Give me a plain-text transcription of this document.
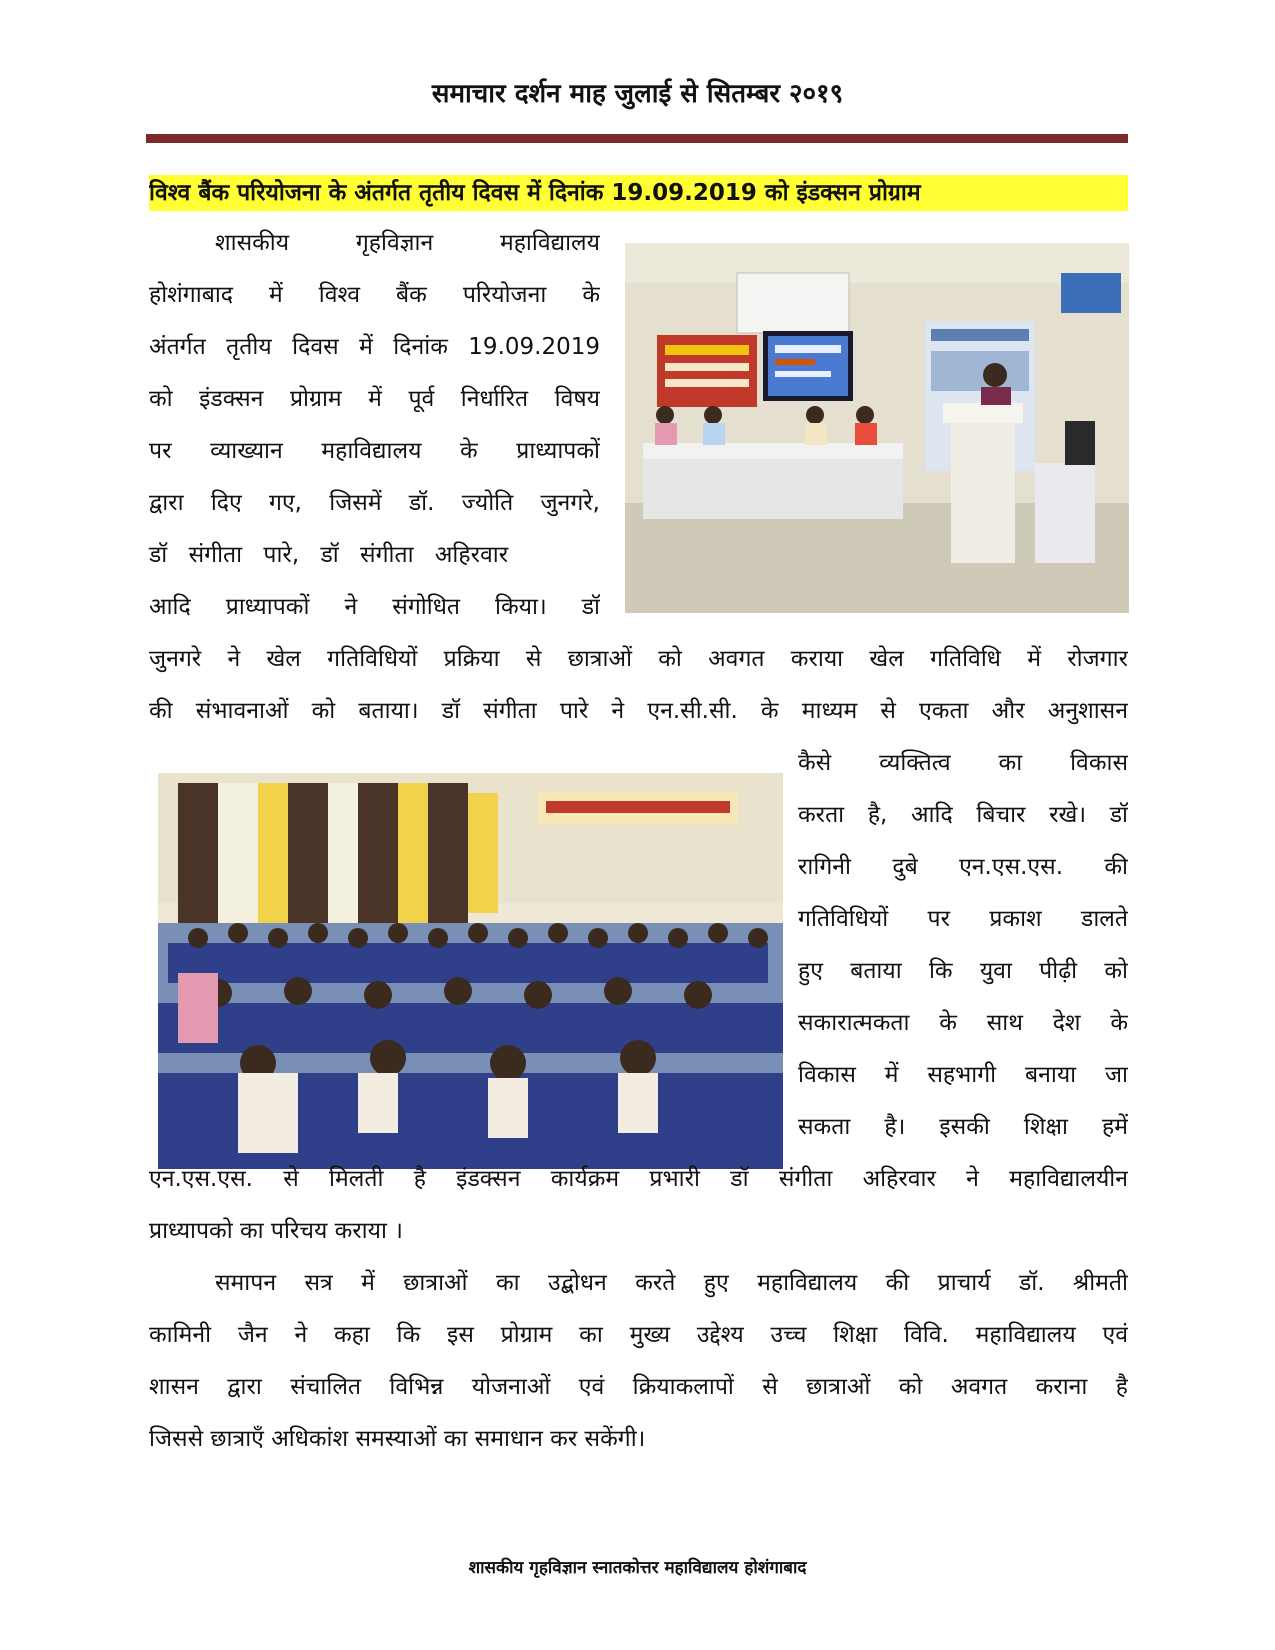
समाचार दर्शन माह जुलाई से सितम्बर २०१९
विश्व बैंक परियोजना के अंतर्गत तृतीय दिवस में दिनांक 19.09.2019 को इंडक्सन प्रोग्राम
शासकीय गृहविज्ञान महाविद्यालय
होशंगाबाद में विश्व बैंक परियोजना के
अंतर्गत तृतीय दिवस में दिनांक 19.09.2019
को इंडक्सन प्रोग्राम में पूर्व निर्धारित विषय
पर व्याख्यान महाविद्यालय के प्राध्यापकों
द्वारा दिए गए, जिसमें डॉ. ज्योति जुनगरे,
डॉ संगीता पारे, डॉ संगीता अहिरवार
आदि प्राध्यापकों ने संगोधित किया। डॉ
जुनगरे ने खेल गतिविधियों प्रक्रिया से छात्राओं को अवगत कराया खेल गतिविधि में रोजगार
की संभावनाओं को बताया। डॉ संगीता पारे ने एन.सी.सी. के माध्यम से एकता और अनुशासन
कैसे व्यक्तित्व का विकास
करता है, आदि बिचार रखे। डॉ
रागिनी दुबे एन.एस.एस. की
गतिविधियों पर प्रकाश डालते
हुए बताया कि युवा पीढ़ी को
सकारात्मकता के साथ देश के
विकास में सहभागी बनाया जा
सकता है। इसकी शिक्षा हमें
एन.एस.एस. से मिलती है इंडक्सन कार्यक्रम प्रभारी डॉ संगीता अहिरवार ने महाविद्यालयीन
प्राध्यापको का परिचय कराया ।
समापन सत्र में छात्राओं का उद्बोधन करते हुए महाविद्यालय की प्राचार्य डॉ. श्रीमती
कामिनी जैन ने कहा कि इस प्रोग्राम का मुख्य उद्देश्य उच्च शिक्षा विवि. महाविद्यालय एवं
शासन द्वारा संचालित विभिन्न योजनाओं एवं क्रियाकलापों से छात्राओं को अवगत कराना है
जिससे छात्राएँ अधिकांश समस्याओं का समाधान कर सकेंगी।
शासकीय गृहविज्ञान स्नातकोत्तर महाविद्यालय होशंगाबाद
